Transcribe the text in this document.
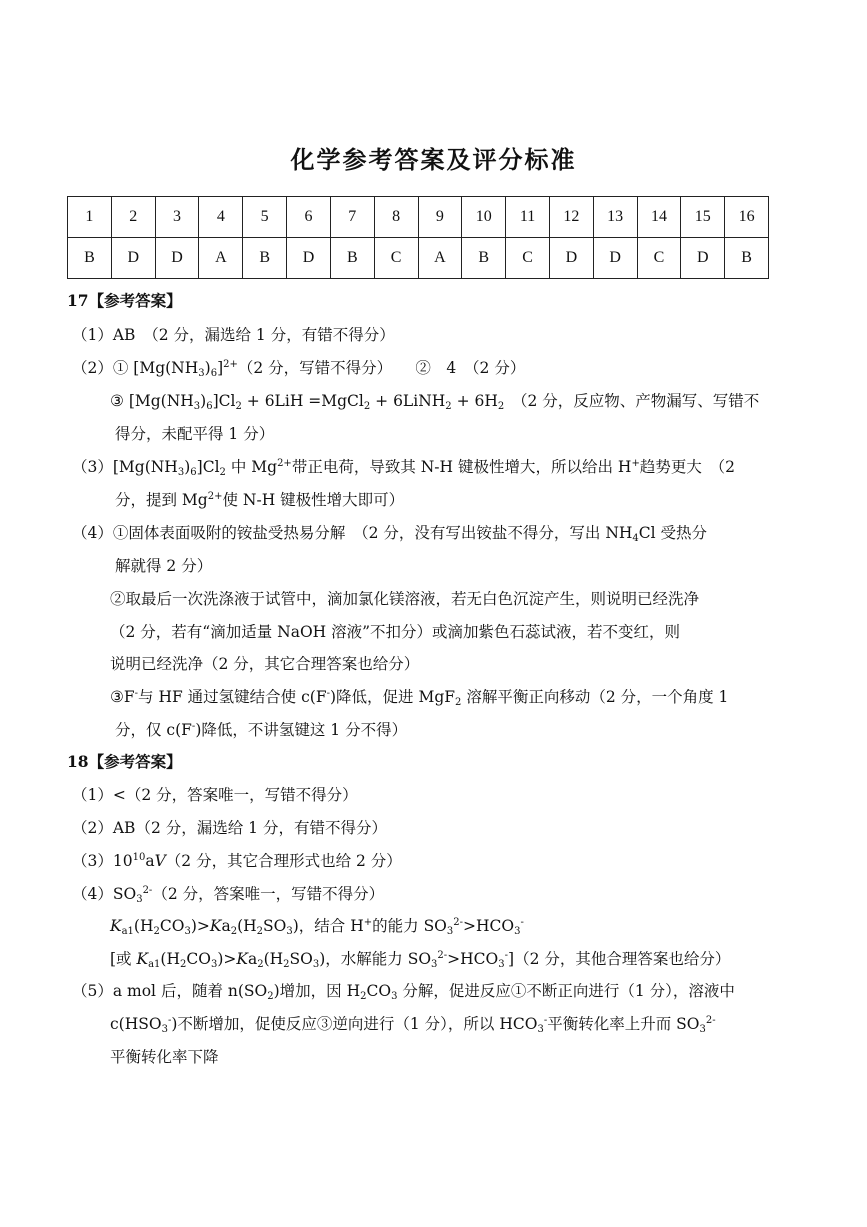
化学参考答案及评分标准
1	2	3	4	5	6	7	8	9	10	11	12	13	14	15	16
B	D	D	A	B	D	B	C	A	B	C	D	D	C	D	B
17【参考答案】
（1）AB　（2 分，漏选给 1 分，有错不得分）
（2）① $[Mg(NH_3)_6]^{2+}(2$ 分，写错不得分）　　②　4　（2 分）
③ $[Mg(NH_3)_6]Cl_2 + 6LiH$ =MgCl$_2$ + 6LiNH$_2$ + $6H_2$　（2 分，反应物、产物漏写、写错不
得分，未配平得 1 分）
$(3)[Mg(NH_3)_6]Cl_2$ 中 $Mg^{2+}$带正电荷，导致其 N-H 键极性增大，所以给出 H+趋势更大　（2
分，提到 $Mg^{2+}$使 N-H 键极性增大即可）
（4）①固体表面吸附的铵盐受热易分解　（2 分，没有写出铵盐不得分，写出 $NH_4Cl$ 受热分
解就得 2 分）
②取最后一次洗涤液于试管中，滴加氯化镁溶液，若无白色沉淀产生，则说明已经洗净
（2 分，若有“滴加适量 NaOH 溶液”不扣分）或滴加紫色石蕊试液，若不变红，则
说明已经洗净（2 分，其它合理答案也给分）
③F-与 HF 通过氢键结合使 c(F-)降低，促进 MgF$_2$ 溶解平衡正向移动（2 分，一个角度 1
分，仅 c(F-)降低，不讲氢键这 1 分不得）
18【参考答案】
（1）<（2 分，答案唯一，写错不得分）
（2）AB（2 分，漏选给 1 分，有错不得分）
$(3)10^{10}aV(2$ 分，其它合理形式也给 2 分）
$(4)SO_3^{2-}(2$ 分，答案唯一，写错不得分）
$K_{a1}(H_2CO_3)>Ka_2(H_2SO_3)$，结合 H+的能力 $SO_3^{2-}>HCO_3^-$
[或 $K_{a1}(H_2CO_3)>Ka_2(H_2SO_3)$，水解能力 $SO_3^{2-}>HCO_3^-](2$ 分，其他合理答案也给分）
（5）a mol 后，随着 $n(SO_2)$增加，因 $H_2CO_3$ 分解，促进反应①不断正向进行（1 分），溶液中
$c(HSO_3^-)$不断增加，促使反应③逆向进行（1 分），所以 $HCO_3^-$平衡转化率上升而 $SO_3^{2-}$
平衡转化率下降
